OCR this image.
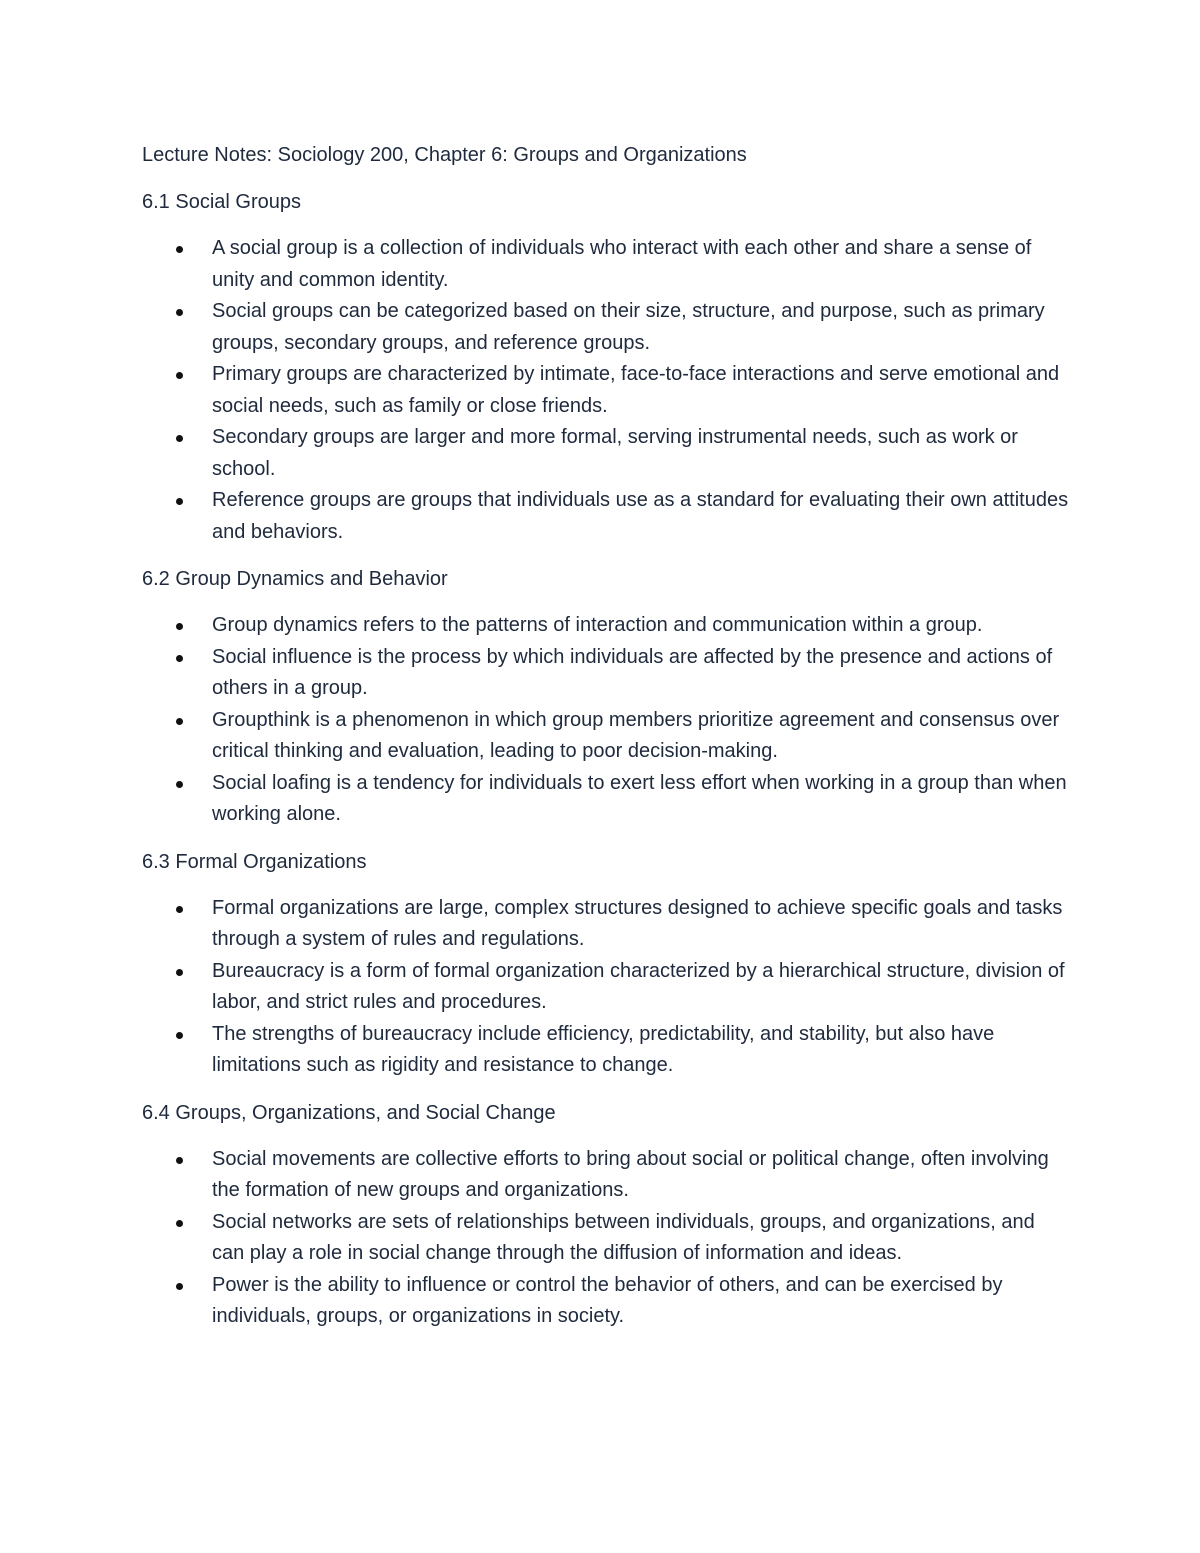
Lecture Notes: Sociology 200, Chapter 6: Groups and Organizations

6.1 Social Groups

A social group is a collection of individuals who interact with each other and share a sense of unity and common identity.
Social groups can be categorized based on their size, structure, and purpose, such as primary groups, secondary groups, and reference groups.
Primary groups are characterized by intimate, face-to-face interactions and serve emotional and social needs, such as family or close friends.
Secondary groups are larger and more formal, serving instrumental needs, such as work or school.
Reference groups are groups that individuals use as a standard for evaluating their own attitudes and behaviors.

6.2 Group Dynamics and Behavior

Group dynamics refers to the patterns of interaction and communication within a group.
Social influence is the process by which individuals are affected by the presence and actions of others in a group.
Groupthink is a phenomenon in which group members prioritize agreement and consensus over critical thinking and evaluation, leading to poor decision-making.
Social loafing is a tendency for individuals to exert less effort when working in a group than when working alone.

6.3 Formal Organizations

Formal organizations are large, complex structures designed to achieve specific goals and tasks through a system of rules and regulations.
Bureaucracy is a form of formal organization characterized by a hierarchical structure, division of labor, and strict rules and procedures.
The strengths of bureaucracy include efficiency, predictability, and stability, but also have limitations such as rigidity and resistance to change.

6.4 Groups, Organizations, and Social Change

Social movements are collective efforts to bring about social or political change, often involving the formation of new groups and organizations.
Social networks are sets of relationships between individuals, groups, and organizations, and can play a role in social change through the diffusion of information and ideas.
Power is the ability to influence or control the behavior of others, and can be exercised by individuals, groups, or organizations in society.
